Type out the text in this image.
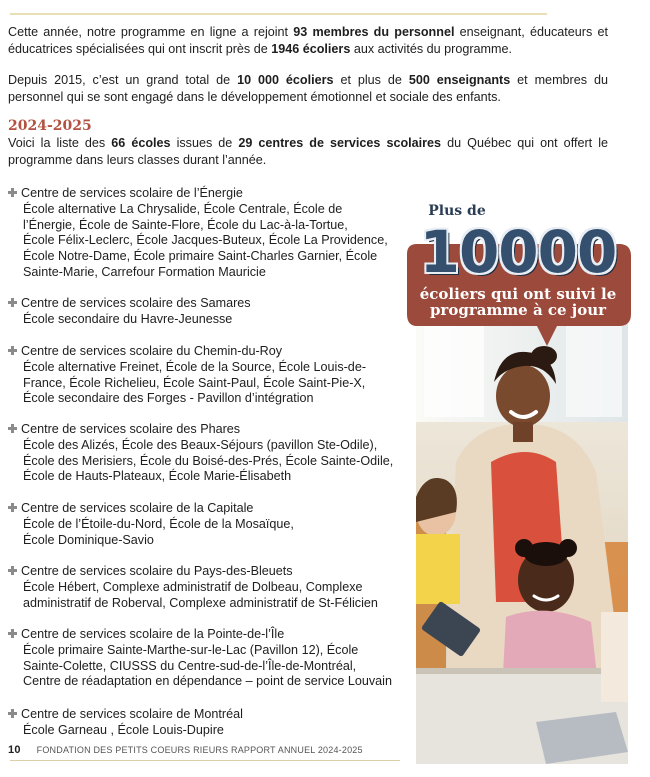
Cette année, notre programme en ligne a rejoint 93 membres du personnel enseignant, éducateurs et éducatrices spécialisées qui ont inscrit près de 1946 écoliers aux activités du programme.

Depuis 2015, c’est un grand total de 10 000 écoliers et plus de 500 enseignants et membres du personnel qui se sont engagé dans le développement émotionnel et sociale des enfants.

2024-2025

Voici la liste des 66 écoles issues de 29 centres de services scolaires du Québec qui ont offert le programme dans leurs classes durant l’année.

Centre de services scolaire de l’Énergie
École alternative La Chrysalide, École Centrale, École de
l’Énergie, École de Sainte-Flore, École du Lac-à-la-Tortue,
École Félix-Leclerc, École Jacques-Buteux, École La Providence,
École Notre-Dame, École primaire Saint-Charles Garnier, École
Sainte-Marie, Carrefour Formation Mauricie
Centre de services scolaire des Samares
École secondaire du Havre-Jeunesse
Centre de services scolaire du Chemin-du-Roy
École alternative Freinet, École de la Source, École Louis-de-
France, École Richelieu, École Saint-Paul, École Saint-Pie-X,
École secondaire des Forges - Pavillon d’intégration
Centre de services scolaire des Phares
École des Alizés, École des Beaux-Séjours (pavillon Ste-Odile),
École des Merisiers, École du Boisé-des-Prés, École Sainte-Odile,
École de Hauts-Plateaux, École Marie-Élisabeth
Centre de services scolaire de la Capitale
École de l’Étoile-du-Nord, École de la Mosaïque,
École Dominique-Savio
Centre de services scolaire du Pays-des-Bleuets
École Hébert, Complexe administratif de Dolbeau, Complexe
administratif de Roberval, Complexe administratif de St-Félicien
Centre de services scolaire de la Pointe-de-l’Île
École primaire Sainte-Marthe-sur-le-Lac (Pavillon 12), École
Sainte-Colette, CIUSSS du Centre-sud-de-l’Île-de-Montréal,
Centre de réadaptation en dépendance – point de service Louvain
Centre de services scolaire de Montréal
École Garneau , École Louis-Dupire
Plus de
10000
écoliers qui ont suivi le
programme à ce jour
10 FONDATION DES PETITS COEURS RIEURS RAPPORT ANNUEL 2024-2025
